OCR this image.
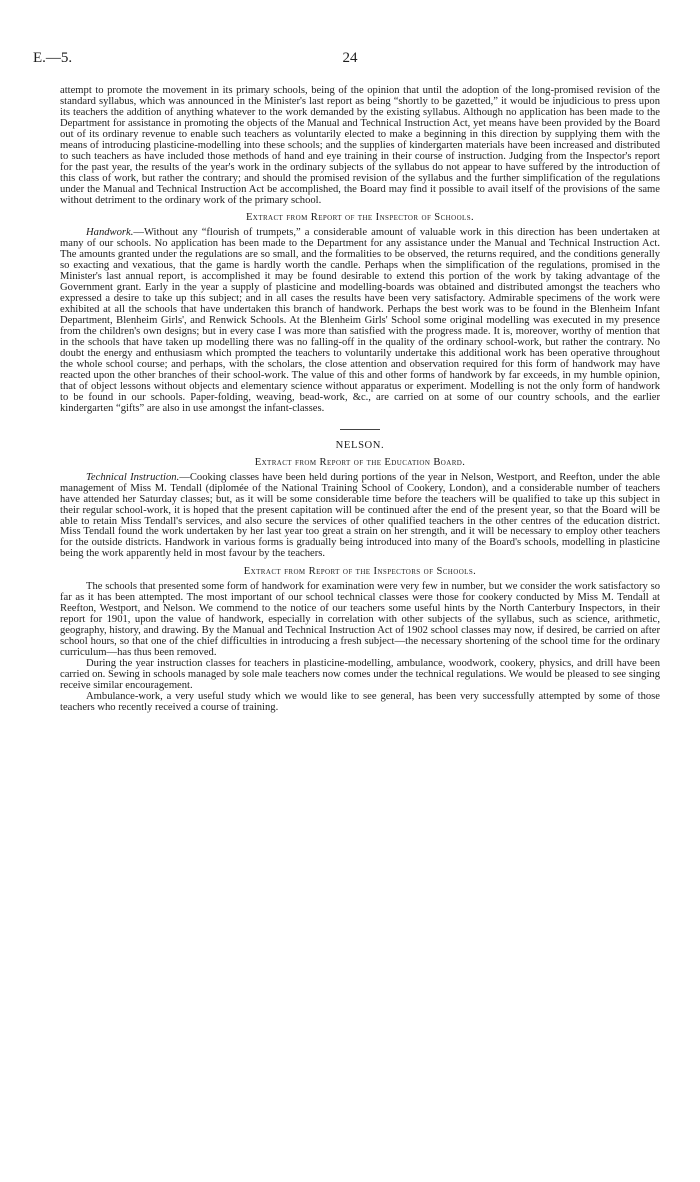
E.—5.	24

attempt to promote the movement in its primary schools, being of the opinion that until the adoption of the long-promised revision of the standard syllabus, which was announced in the Minister's last report as being “shortly to be gazetted,” it would be injudicious to press upon its teachers the addition of anything whatever to the work demanded by the existing syllabus. Although no application has been made to the Department for assistance in promoting the objects of the Manual and Technical Instruction Act, yet means have been provided by the Board out of its ordinary revenue to enable such teachers as voluntarily elected to make a beginning in this direction by supplying them with the means of introducing plasticine-modelling into these schools; and the supplies of kindergarten materials have been increased and distributed to such teachers as have included those methods of hand and eye training in their course of instruction. Judging from the Inspector's report for the past year, the results of the year's work in the ordinary subjects of the syllabus do not appear to have suffered by the introduction of this class of work, but rather the contrary; and should the promised revision of the syllabus and the further simplification of the regulations under the Manual and Technical Instruction Act be accomplished, the Board may find it possible to avail itself of the provisions of the same without detriment to the ordinary work of the primary school.

Extract from Report of the Inspector of Schools.

Handwork.—Without any “flourish of trumpets,” a considerable amount of valuable work in this direction has been undertaken at many of our schools. No application has been made to the Department for any assistance under the Manual and Technical Instruction Act. The amounts granted under the regulations are so small, and the formalities to be observed, the returns required, and the conditions generally so exacting and vexatious, that the game is hardly worth the candle. Perhaps when the simplification of the regulations, promised in the Minister's last annual report, is accomplished it may be found desirable to extend this portion of the work by taking advantage of the Government grant. Early in the year a supply of plasticine and modelling-boards was obtained and distributed amongst the teachers who expressed a desire to take up this subject; and in all cases the results have been very satisfactory. Admirable specimens of the work were exhibited at all the schools that have undertaken this branch of handwork. Perhaps the best work was to be found in the Blenheim Infant Department, Blenheim Girls', and Renwick Schools. At the Blenheim Girls' School some original modelling was executed in my presence from the children's own designs; but in every case I was more than satisfied with the progress made. It is, moreover, worthy of mention that in the schools that have taken up modelling there was no falling-off in the quality of the ordinary school-work, but rather the contrary. No doubt the energy and enthusiasm which prompted the teachers to voluntarily undertake this additional work has been operative throughout the whole school course; and perhaps, with the scholars, the close attention and observation required for this form of handwork may have reacted upon the other branches of their school-work. The value of this and other forms of handwork by far exceeds, in my humble opinion, that of object lessons without objects and elementary science without apparatus or experiment. Modelling is not the only form of handwork to be found in our schools. Paper-folding, weaving, bead-work, &c., are carried on at some of our country schools, and the earlier kindergarten “gifts” are also in use amongst the infant-classes.

NELSON.
Extract from Report of the Education Board.

Technical Instruction.—Cooking classes have been held during portions of the year in Nelson, Westport, and Reefton, under the able management of Miss M. Tendall (diplomée of the National Training School of Cookery, London), and a considerable number of teachers have attended her Saturday classes; but, as it will be some considerable time before the teachers will be qualified to take up this subject in their regular school-work, it is hoped that the present capitation will be continued after the end of the present year, so that the Board will be able to retain Miss Tendall's services, and also secure the services of other qualified teachers in the other centres of the education district. Miss Tendall found the work undertaken by her last year too great a strain on her strength, and it will be necessary to employ other teachers for the outside districts. Handwork in various forms is gradually being introduced into many of the Board's schools, modelling in plasticine being the work apparently held in most favour by the teachers.

Extract from Report of the Inspectors of Schools.

The schools that presented some form of handwork for examination were very few in number, but we consider the work satisfactory so far as it has been attempted. The most important of our school technical classes were those for cookery conducted by Miss M. Tendall at Reefton, Westport, and Nelson. We commend to the notice of our teachers some useful hints by the North Canterbury Inspectors, in their report for 1901, upon the value of handwork, especially in correlation with other subjects of the syllabus, such as science, arithmetic, geography, history, and drawing. By the Manual and Technical Instruction Act of 1902 school classes may now, if desired, be carried on after school hours, so that one of the chief difficulties in introducing a fresh subject—the necessary shortening of the school time for the ordinary curriculum—has thus been removed.

During the year instruction classes for teachers in plasticine-modelling, ambulance, woodwork, cookery, physics, and drill have been carried on. Sewing in schools managed by sole male teachers now comes under the technical regulations. We would be pleased to see singing receive similar encouragement.

Ambulance-work, a very useful study which we would like to see general, has been very successfully attempted by some of those teachers who recently received a course of training.
